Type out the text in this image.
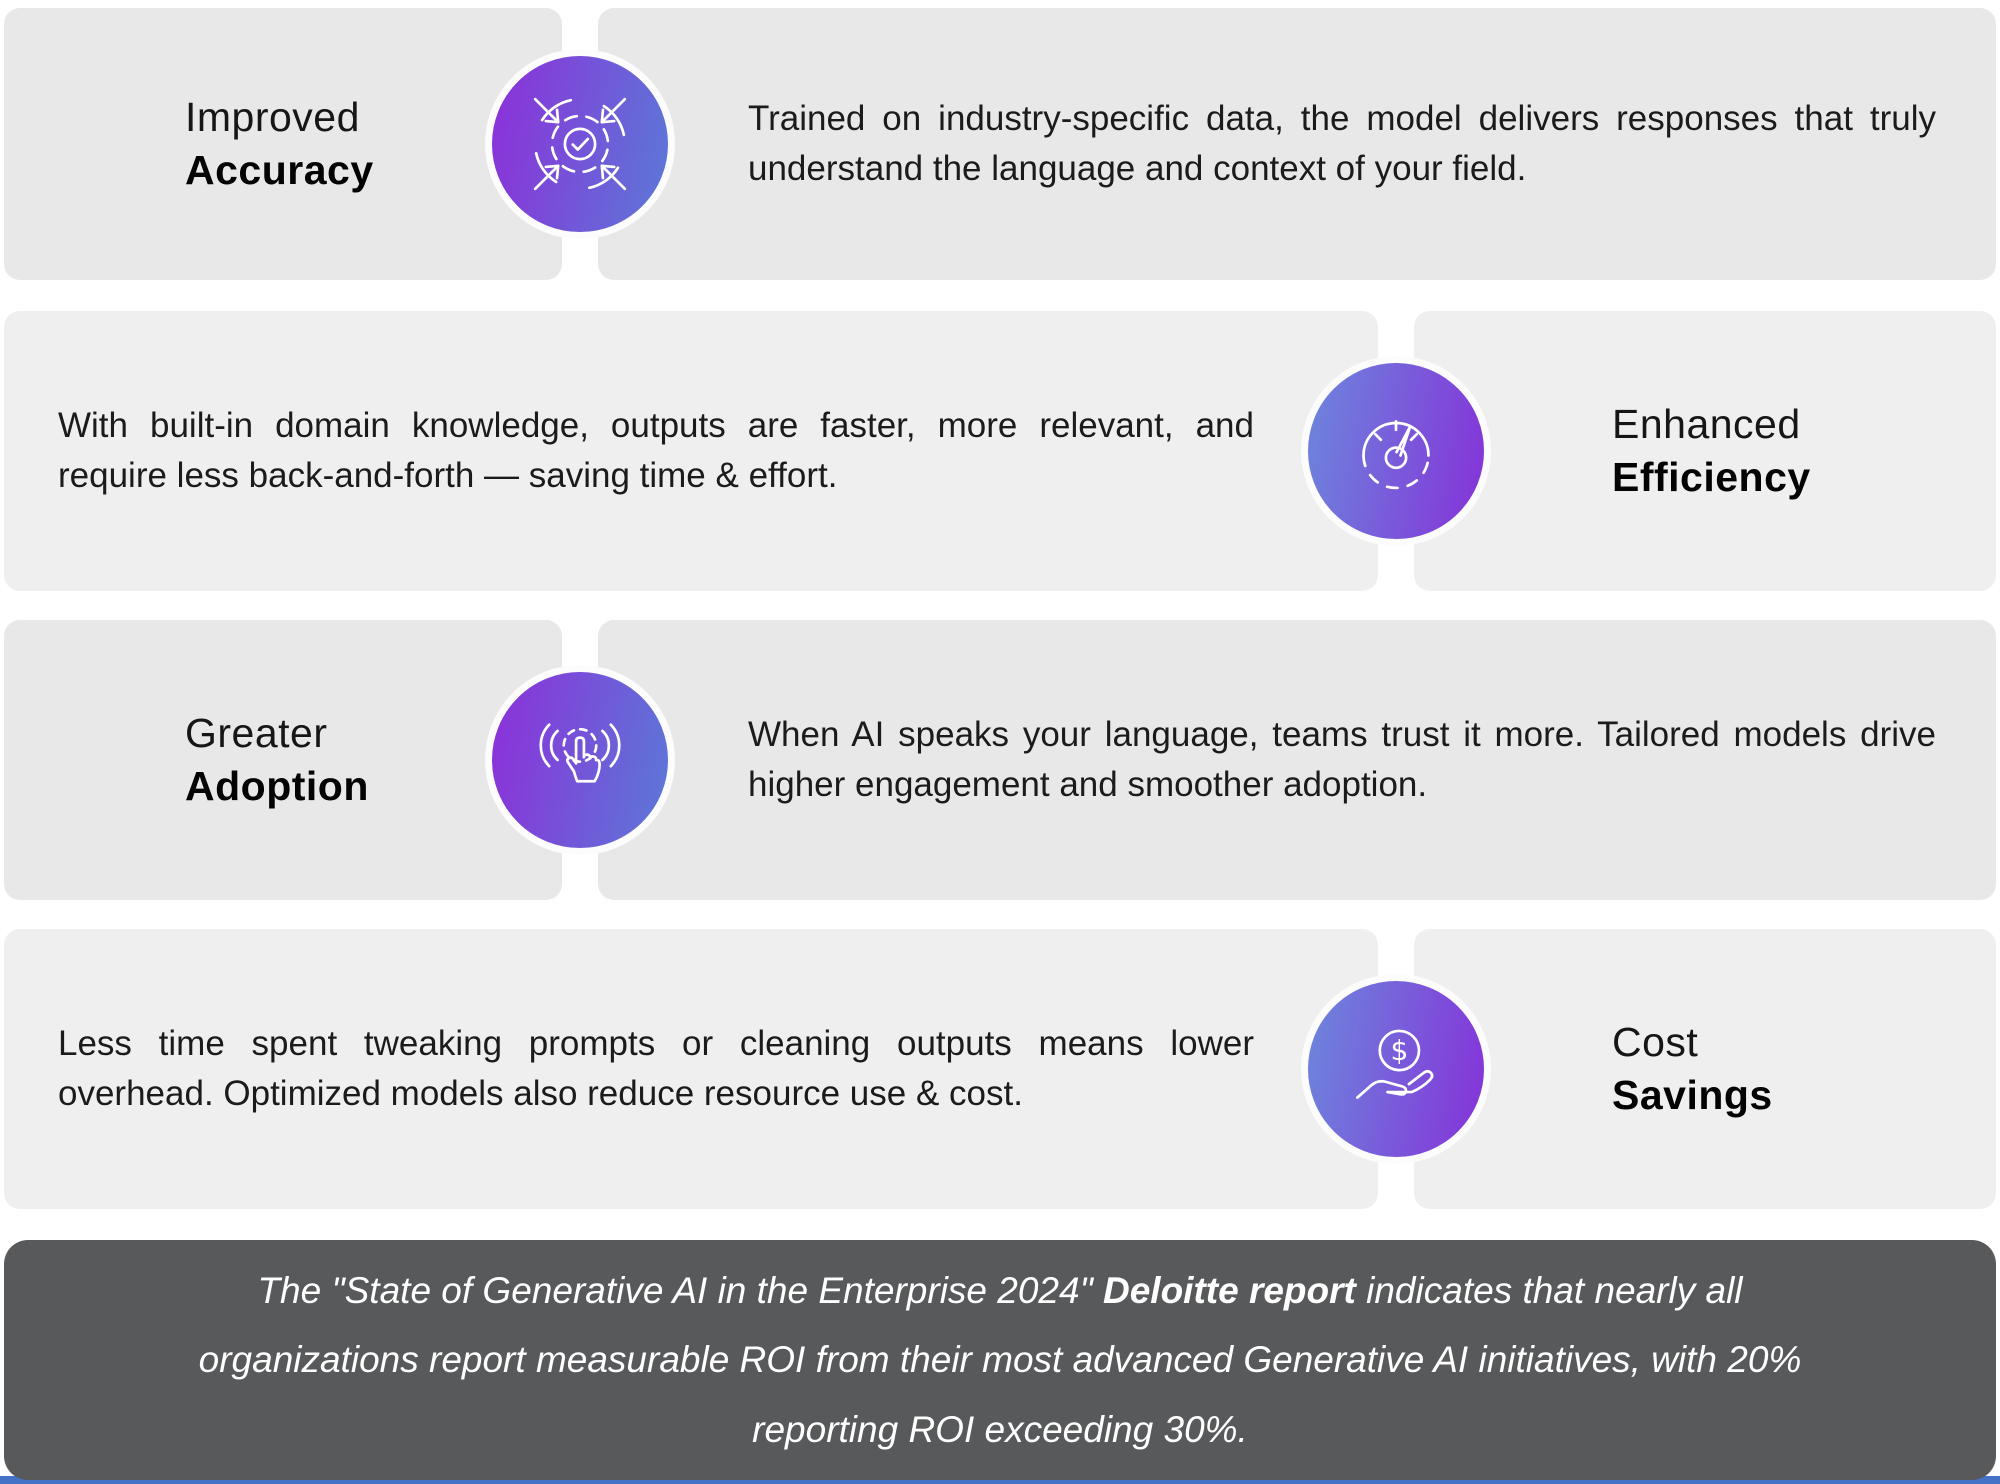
Improved
Accuracy
Trained on industry-specific data, the model delivers responses that truly understand the language and context of your field.
With built-in domain knowledge, outputs are faster, more relevant, and require less back-and-forth — saving time & effort.
Enhanced
Efficiency
Greater
Adoption
When AI speaks your language, teams trust it more. Tailored models drive higher engagement and smoother adoption.
Less time spent tweaking prompts or cleaning outputs means lower overhead. Optimized models also reduce resource use & cost.
Cost
Savings
$
The "State of Generative AI in the Enterprise 2024" Deloitte report indicates that nearly all organizations report measurable ROI from their most advanced Generative AI initiatives, with 20% reporting ROI exceeding 30%.
